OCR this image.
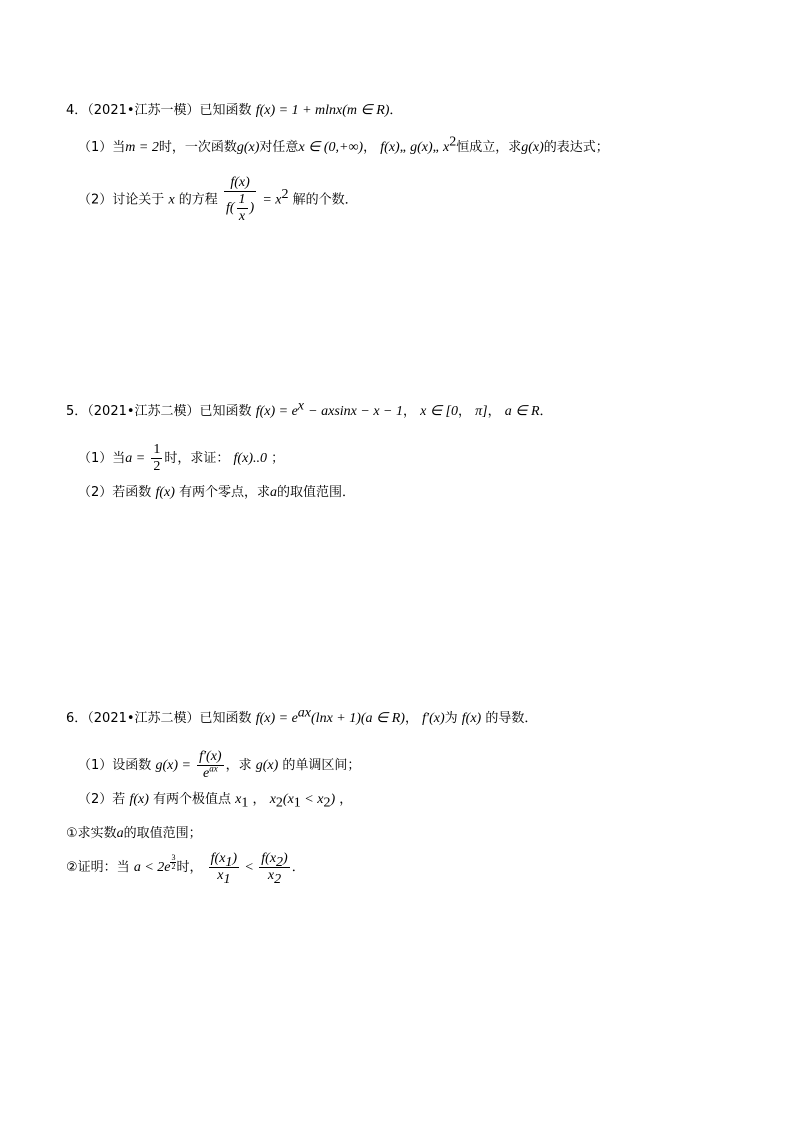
4．（2021•江苏一模）已知函数 f(x) = 1 + mlnx(m ∈ R)．
（1）当m = 2时，一次函数g(x)对任意x ∈ (0,+∞)， f(x)„ g(x)„ $x^2$恒成立，求g(x)的表达式；
（2）讨论关于 x 的方程 $\frac{f(x)}{f( \frac{1}{x} )} = x^2$ 解的个数．
5．（2021•江苏二模）已知函数 $f(x) = e^x - axsinx - x - 1$， x ∈ [0， π]， a ∈ R．
（1）当$a = \frac{1}{2}$ 时，求证： f(x)..0 ；
（2）若函数 f(x) 有两个零点，求a的取值范围．
6．（2021•江苏二模）已知函数 $f(x) = e^{ax}(\ln x + 1)(a$ ∈ R)， f′(x)为 f(x) 的导数．
（1）设函数 $g(x) = \frac{f'(x)}{e^{ax}}$ ，求 g(x) 的单调区间；
（2）若 f(x) 有两个极值点 $x_1$ ， $x_2(x_1 < x_2)$ ，
①求实数a的取值范围；
②证明：当 a < 2e $^{\frac{3}{2}}$ 时， $\frac{f(x_1)}{x_1} < \frac{f(x_2)}{x_2}$ ．
